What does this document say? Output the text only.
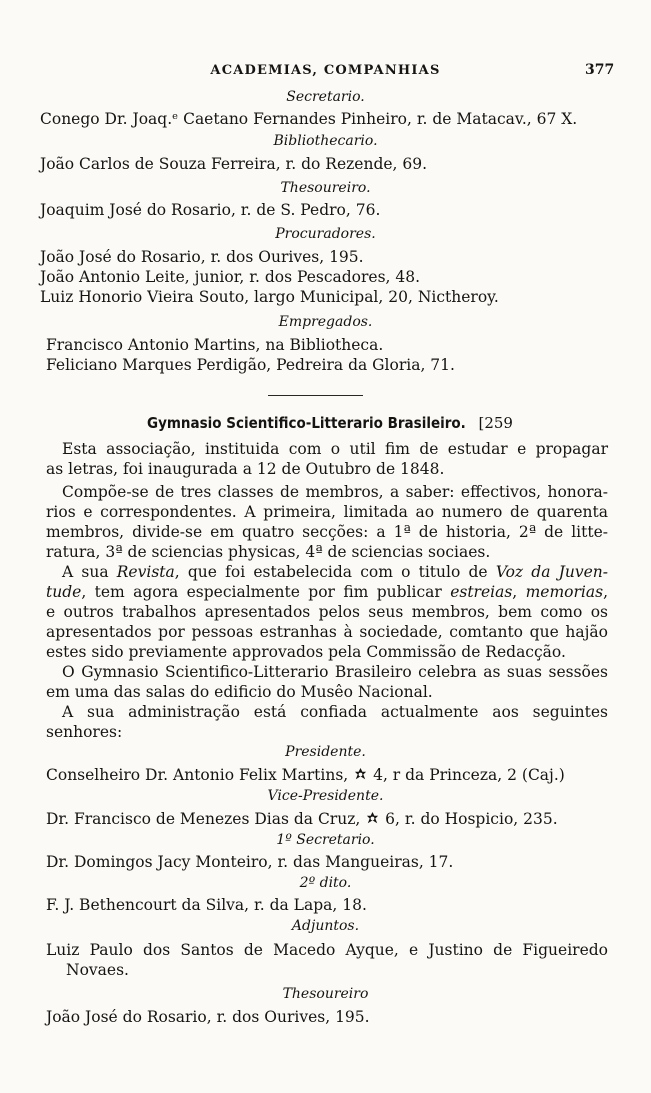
ACADEMIAS, COMPANHIAS	377
Secretario.
Conego Dr. Joaq.ᵉ Caetano Fernandes Pinheiro, r. de Matacav., 67 X.
Bibliothecario.
João Carlos de Souza Ferreira, r. do Rezende, 69.
Thesoureiro.
Joaquim José do Rosario, r. de S. Pedro, 76.
Procuradores.
João José do Rosario, r. dos Ourives, 195.
João Antonio Leite, junior, r. dos Pescadores, 48.
Luiz Honorio Vieira Souto, largo Municipal, 20, Nictheroy.
Empregados.
Francisco Antonio Martins, na Bibliotheca.
Feliciano Marques Perdigão, Pedreira da Gloria, 71.
Gymnasio Scientifico-Litterario Brasileiro. [259
Esta associação, instituida com o util fim de estudar e propagar
as letras, foi inaugurada a 12 de Outubro de 1848.
Compõe-se de tres classes de membros, a saber: effectivos, honora-
rios e correspondentes. A primeira, limitada ao numero de quarenta
membros, divide-se em quatro secções: a 1ª de historia, 2ª de litte-
ratura, 3ª de sciencias physicas, 4ª de sciencias sociaes.
A sua Revista, que foi estabelecida com o titulo de Voz da Juven-
tude, tem agora especialmente por fim publicar estreias, memorias,
e outros trabalhos apresentados pelos seus membros, bem como os
apresentados por pessoas estranhas à sociedade, comtanto que hajão
estes sido previamente approvados pela Commissão de Redacção.
O Gymnasio Scientifico-Litterario Brasileiro celebra as suas sessões
em uma das salas do edificio do Musêo Nacional.
A sua administração está confiada actualmente aos seguintes
senhores:
Presidente.
Conselheiro Dr. Antonio Felix Martins, 4, r da Princeza, 2 (Caj.)
Vice-Presidente.
Dr. Francisco de Menezes Dias da Cruz, 6, r. do Hospicio, 235.
1º Secretario.
Dr. Domingos Jacy Monteiro, r. das Mangueiras, 17.
2º dito.
F. J. Bethencourt da Silva, r. da Lapa, 18.
Adjuntos.
Luiz Paulo dos Santos de Macedo Ayque, e Justino de Figueiredo
Novaes.
Thesoureiro
João José do Rosario, r. dos Ourives, 195.
